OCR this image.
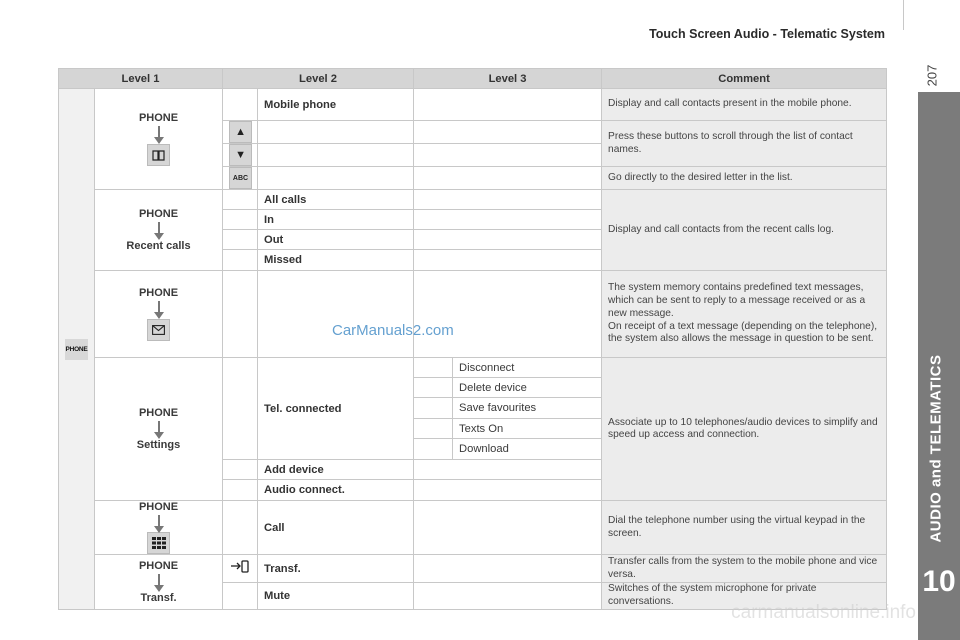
Touch Screen Audio - Telematic System
207
AUDIO and TELEMATICS
10
Level 1		Level 2		Level 3		Comment
PHONE	PHONE		Mobile phone			Display and call contacts present in the mobile phone.
		▲				Press these buttons to scroll through the list of contact names.
		▼				
		ABC				Go directly to the desired letter in the list.

	PHONE
Recent calls		All calls			Display and call contacts from the recent calls log.
			In			
			Out			
			Missed			

	PHONE					The system memory contains predefined text messages, which can be sent to reply to a message received or as a new message.
On receipt of a text message (depending on the telephone), the system also allows the message in question to be sent.

	PHONE
Settings		Tel. connected		Disconnect	Associate up to 10 telephones/audio devices to simplify and speed up access and connection.
					Delete device	
					Save favourites	
					Texts On	
					Download	
			Add device			
			Audio connect.			

	PHONE		Call			Dial the telephone number using the virtual keypad in the screen.

	PHONE
Transf.		Transf.			Transfer calls from the system to the mobile phone and vice versa.
			Mute			Switches of the system microphone for private conversations.
CarManuals2.com
carmanualsonline.info
